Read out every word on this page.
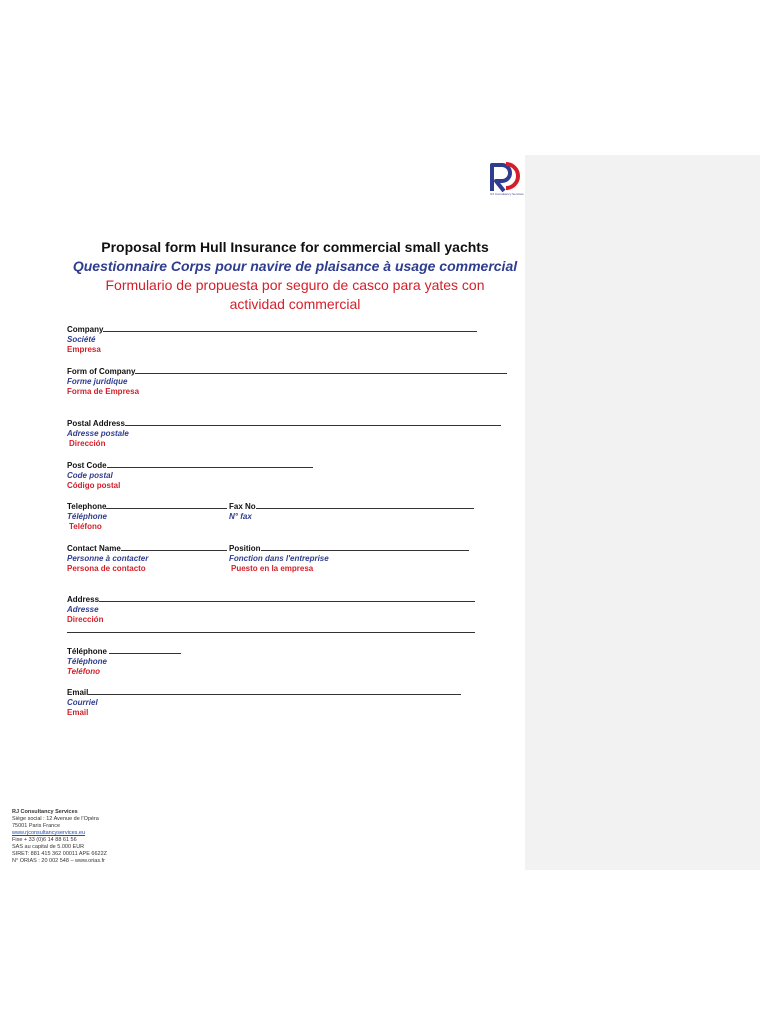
RJ Consultancy Services
Proposal form Hull Insurance for commercial small yachts
Questionnaire Corps pour navire de plaisance à usage commercial
Formulario de propuesta por seguro de casco para yates con
actividad commercial
Company
Société
Empresa
Form of Company
Forme juridique
Forma de Empresa
Postal Address
Adresse postale
Dirección
Post Code
Code postal
Código postal
Telephone
Téléphone
Teléfono
Fax No
N° fax
Contact Name
Personne à contacter
Persona de contacto
Position
Fonction dans l'entreprise
Puesto en la empresa
Address
Adresse
Dirección
Téléphone
Téléphone
Teléfono
Email
Courriel
Email
RJ Consultancy Services
Siège social : 12 Avenue de l'Opéra
75001 Paris France
www.rjconsultancyservices.eu
Fixe + 33 (0)6 14 88 61 56
SAS au capital de 5.000 EUR
SIRET: 881 415 362 00011 APE 6622Z
N° ORIAS : 20 002 548 – www.orias.fr
